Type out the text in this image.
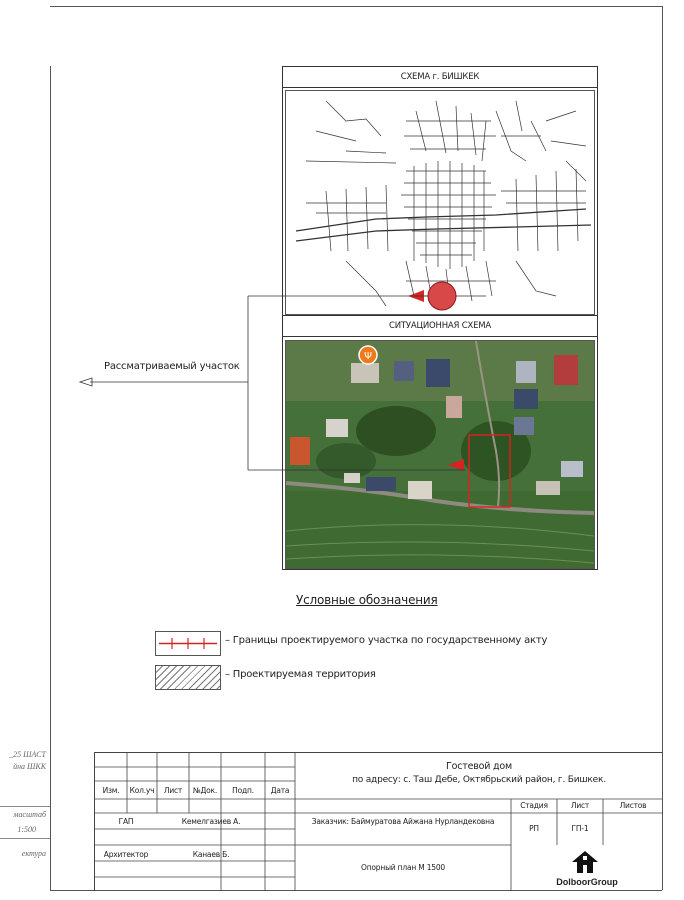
_25 ШАСТ
йна ШКК
масштаб
1:500
ектура
СХЕМА г. БИШКЕК
СИТУАЦИОННАЯ СХЕМА
Ψ
Рассматриваемый участок
Условные обозначения
– Границы проектируемого участка по государственному акту
– Проектируемая территория
Изм.	Кол.уч	Лист	№Док.	Подп.	Дата
ГАП	Кемелгазиев А.
Архитектор	Канаев Б.
Гостевой дом
по адресу: с. Таш Дебе, Октябрьский район, г. Бишкек.
Заказчик: Баймуратова Айжана Нурландековна
Опорный план М 1500
Стадия	Лист	Листов
РП	ГП-1
DolboorGroup
